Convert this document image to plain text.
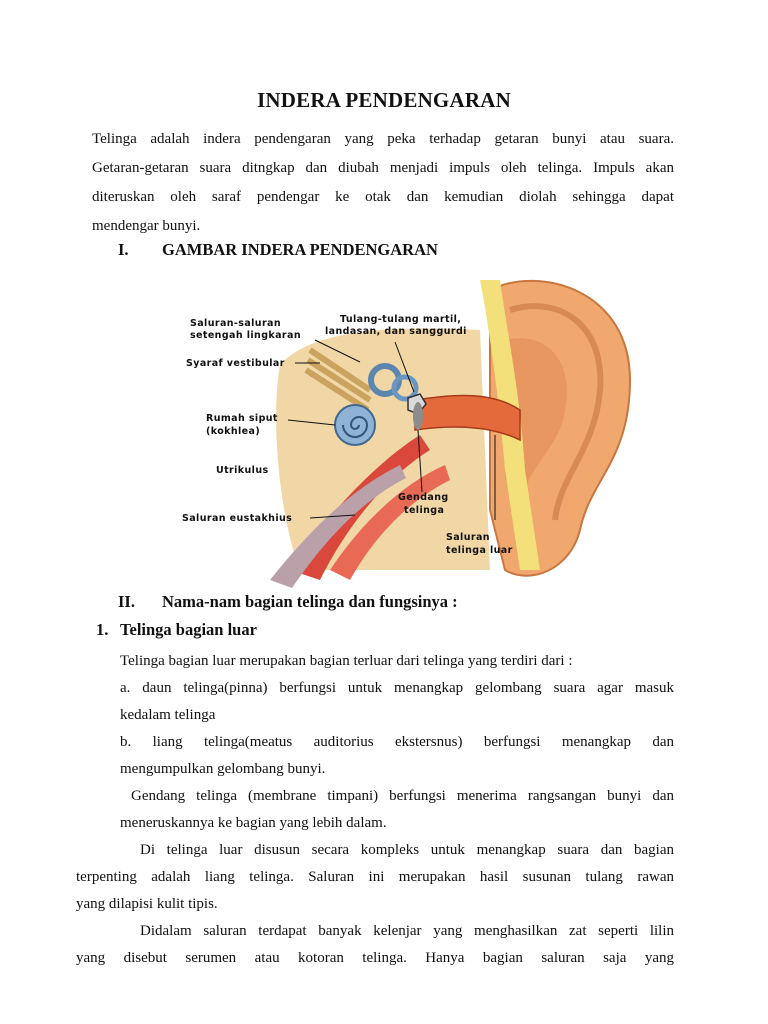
INDERA PENDENGARAN
Telinga adalah indera pendengaran yang peka terhadap getaran bunyi atau suara.
Getaran-getaran suara ditngkap dan diubah menjadi impuls oleh telinga. Impuls akan
diteruskan oleh saraf pendengar ke otak dan kemudian diolah sehingga dapat
mendengar bunyi.
I. GAMBAR INDERA PENDENGARAN
Saluran-saluran
setengah lingkaran
Tulang-tulang martil,
landasan, dan sanggurdi
Syaraf vestibular
Rumah siput
(kokhlea)
Utrikulus
Gendang
telinga
Saluran eustakhius
Saluran
telinga luar
II. Nama-nam bagian telinga dan fungsinya :
1. Telinga bagian luar
Telinga bagian luar merupakan bagian terluar dari telinga yang terdiri dari :
a. daun telinga(pinna) berfungsi untuk menangkap gelombang suara agar masuk
kedalam telinga
b. liang telinga(meatus auditorius ekstersnus) berfungsi menangkap dan
mengumpulkan gelombang bunyi.
Gendang telinga (membrane timpani) berfungsi menerima rangsangan bunyi dan
meneruskannya ke bagian yang lebih dalam.
Di telinga luar disusun secara kompleks untuk menangkap suara dan bagian
terpenting adalah liang telinga. Saluran ini merupakan hasil susunan tulang rawan
yang dilapisi kulit tipis.
Didalam saluran terdapat banyak kelenjar yang menghasilkan zat seperti lilin
yang disebut serumen atau kotoran telinga. Hanya bagian saluran saja yang
